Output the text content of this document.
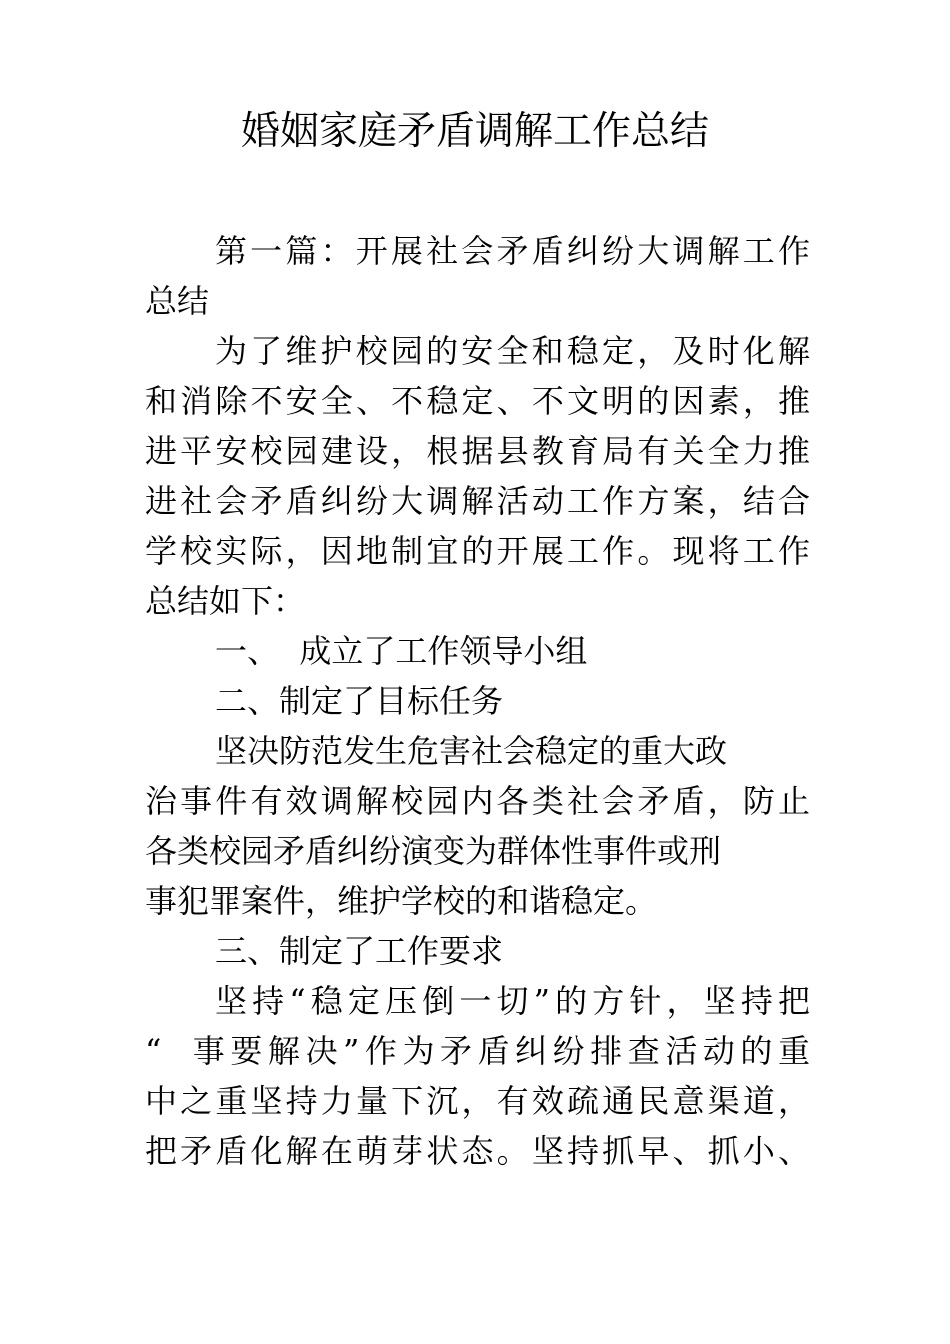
婚姻家庭矛盾调解工作总结
第一篇：开展社会矛盾纠纷大调解工作
总结
为了维护校园的安全和稳定，及时化解
和消除不安全、不稳定、不文明的因素，推
进平安校园建设，根据县教育局有关全力推
进社会矛盾纠纷大调解活动工作方案，结合
学校实际，因地制宜的开展工作。现将工作
总结如下：
一、  成立了工作领导小组
二、制定了目标任务
坚决防范发生危害社会稳定的重大政
治事件有效调解校园内各类社会矛盾，防止
各类校园矛盾纠纷演变为群体性事件或刑
事犯罪案件，维护学校的和谐稳定。
三、制定了工作要求
坚持“稳定压倒一切”的方针，坚持把
“  事要解决”作为矛盾纠纷排查活动的重
中之重坚持力量下沉，有效疏通民意渠道，
把矛盾化解在萌芽状态。坚持抓早、抓小、
